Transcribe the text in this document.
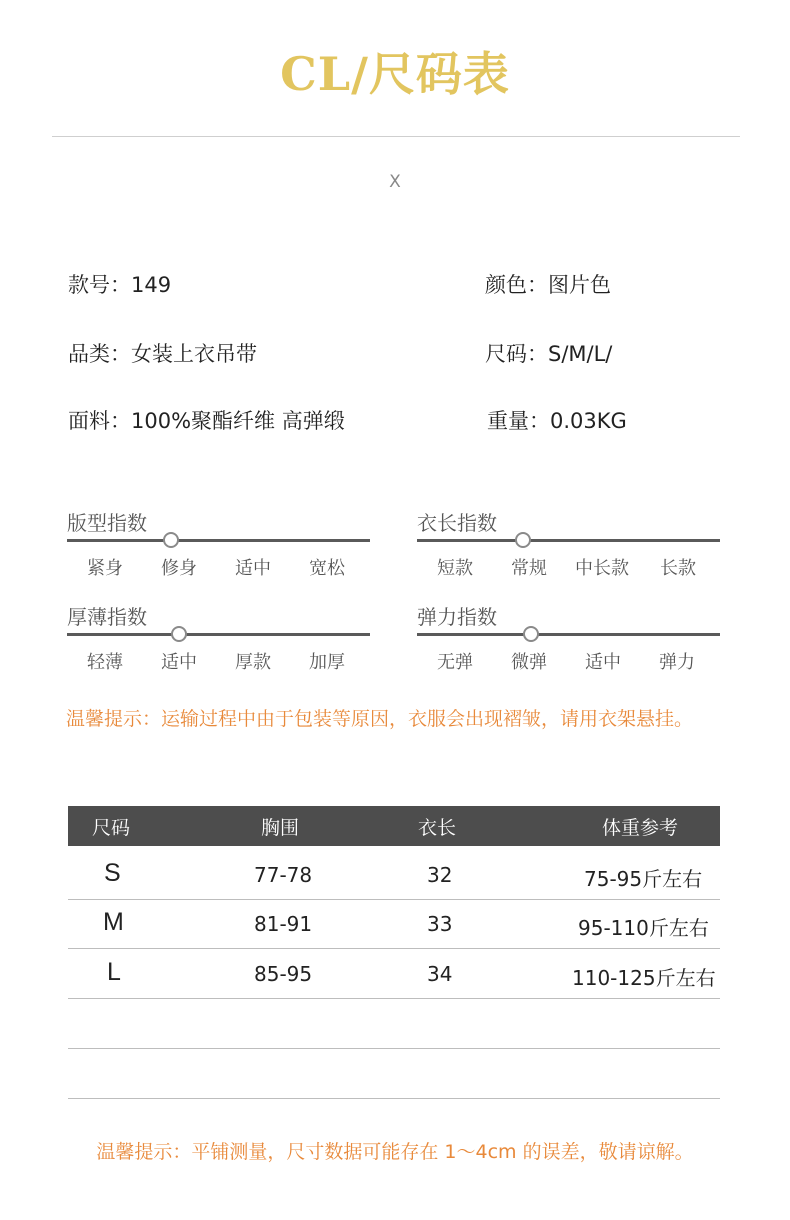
CL/尺码表
X
款号：149	颜色：图片色
品类：女装上衣吊带	尺码：S/M/L/
面料：100%聚酯纤维 高弹缎	重量：0.03KG
版型指数
紧身 修身 适中 宽松
衣长指数
短款 常规 中长款 长款
厚薄指数
轻薄 适中 厚款 加厚
弹力指数
无弹 微弹 适中 弹力
温馨提示：运输过程中由于包装等原因，衣服会出现褶皱，请用衣架悬挂。
尺码	胸围	衣长	体重参考
S	77-78	32	75-95斤左右
M	81-91	33	95-110斤左右
L	85-95	34	110-125斤左右
温馨提示：平铺测量，尺寸数据可能存在 1～4cm 的误差，敬请谅解。
